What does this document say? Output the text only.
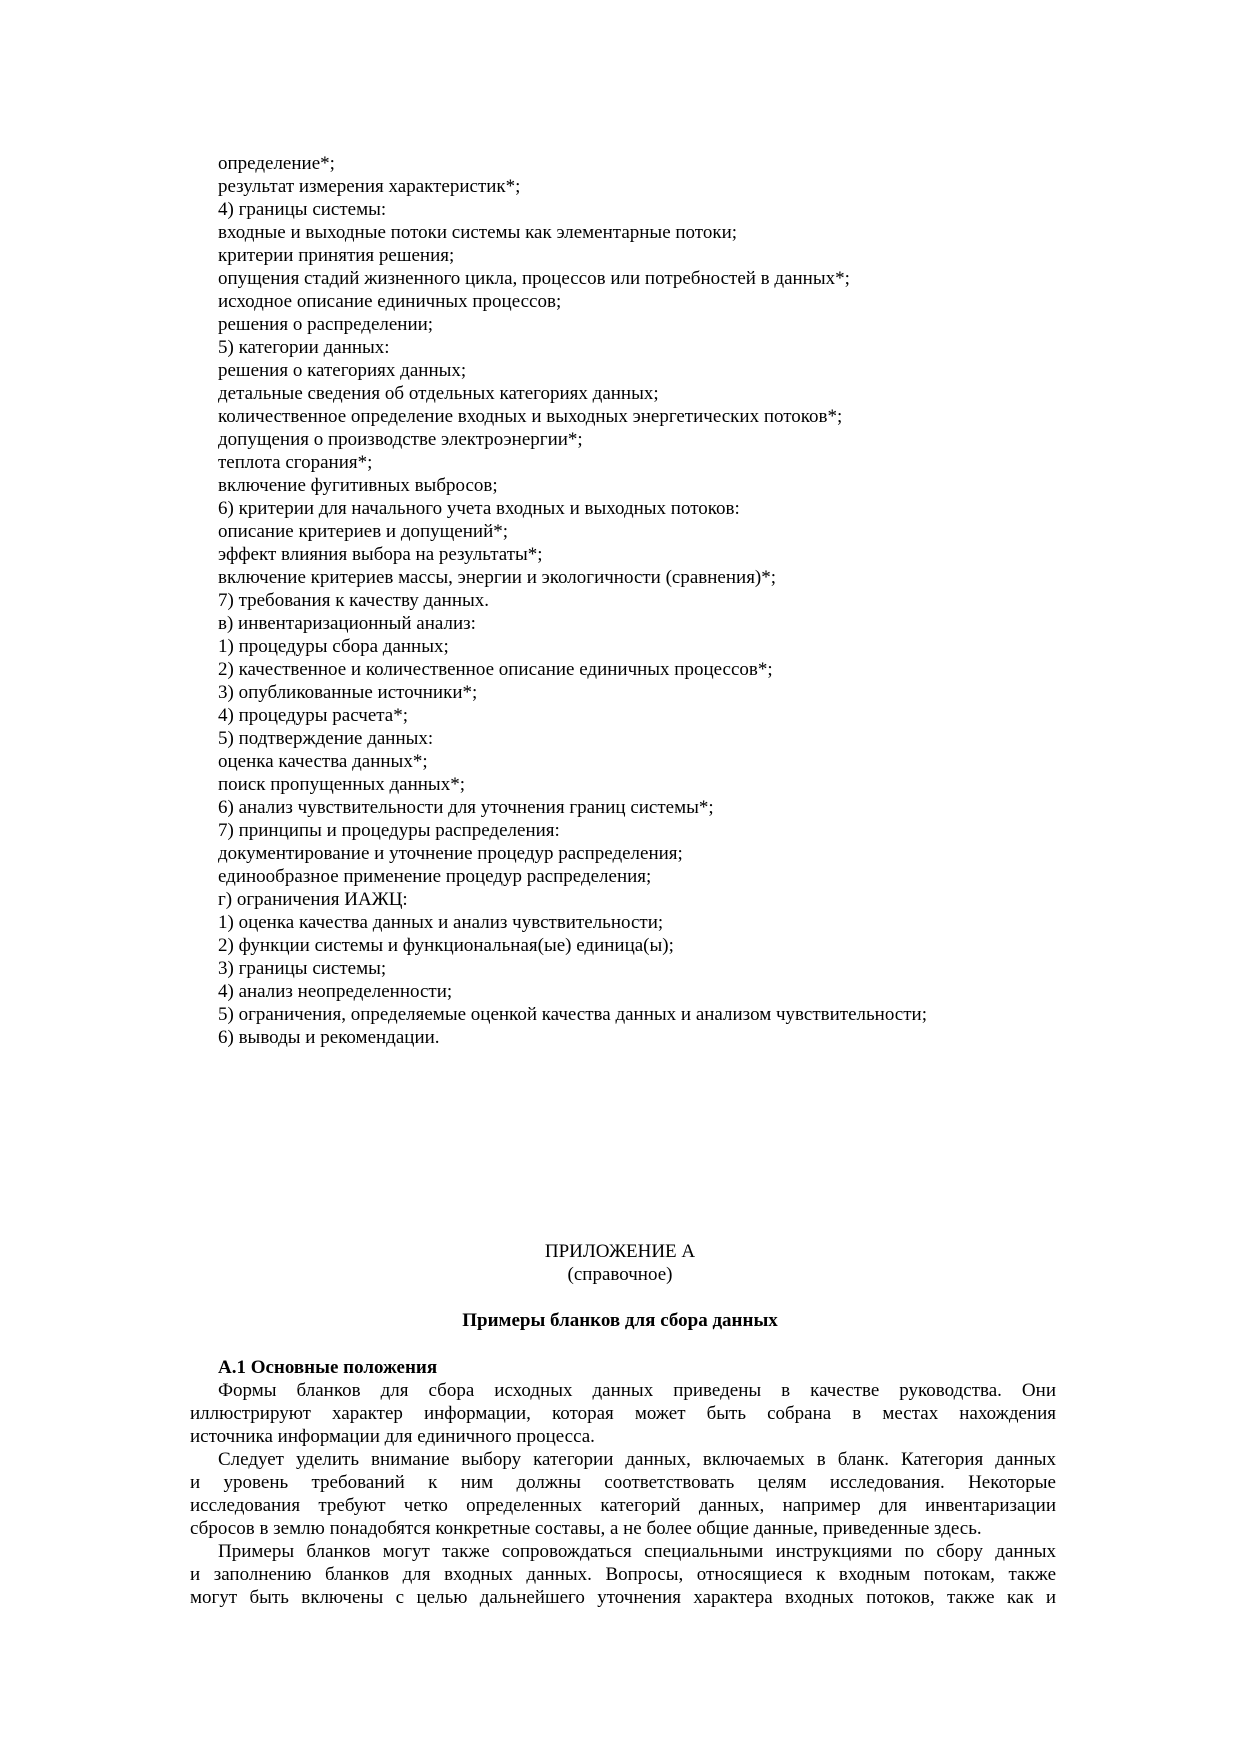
определение*;
результат измерения характеристик*;
4) границы системы:
входные и выходные потоки системы как элементарные потоки;
критерии принятия решения;
опущения стадий жизненного цикла, процессов или потребностей в данных*;
исходное описание единичных процессов;
решения о распределении;
5) категории данных:
решения о категориях данных;
детальные сведения об отдельных категориях данных;
количественное определение входных и выходных энергетических потоков*;
допущения о производстве электроэнергии*;
теплота сгорания*;
включение фугитивных выбросов;
6) критерии для начального учета входных и выходных потоков:
описание критериев и допущений*;
эффект влияния выбора на результаты*;
включение критериев массы, энергии и экологичности (сравнения)*;
7) требования к качеству данных.
в) инвентаризационный анализ:
1) процедуры сбора данных;
2) качественное и количественное описание единичных процессов*;
3) опубликованные источники*;
4) процедуры расчета*;
5) подтверждение данных:
оценка качества данных*;
поиск пропущенных данных*;
6) анализ чувствительности для уточнения границ системы*;
7) принципы и процедуры распределения:
документирование и уточнение процедур распределения;
единообразное применение процедур распределения;
г) ограничения ИАЖЦ:
1) оценка качества данных и анализ чувствительности;
2) функции системы и функциональная(ые) единица(ы);
3) границы системы;
4) анализ неопределенности;
5) ограничения, определяемые оценкой качества данных и анализом чувствительности;
6) выводы и рекомендации.
ПРИЛОЖЕНИЕ А
(справочное)
Примеры бланков для сбора данных
А.1 Основные положения
Формы бланков для сбора исходных данных приведены в качестве руководства. Они
иллюстрируют характер информации, которая может быть собрана в местах нахождения
источника информации для единичного процесса.
Следует уделить внимание выбору категории данных, включаемых в бланк. Категория данных
и уровень требований к ним должны соответствовать целям исследования. Некоторые
исследования требуют четко определенных категорий данных, например для инвентаризации
сбросов в землю понадобятся конкретные составы, а не более общие данные, приведенные здесь.
Примеры бланков могут также сопровождаться специальными инструкциями по сбору данных
и заполнению бланков для входных данных. Вопросы, относящиеся к входным потокам, также
могут быть включены с целью дальнейшего уточнения характера входных потоков, также как и
